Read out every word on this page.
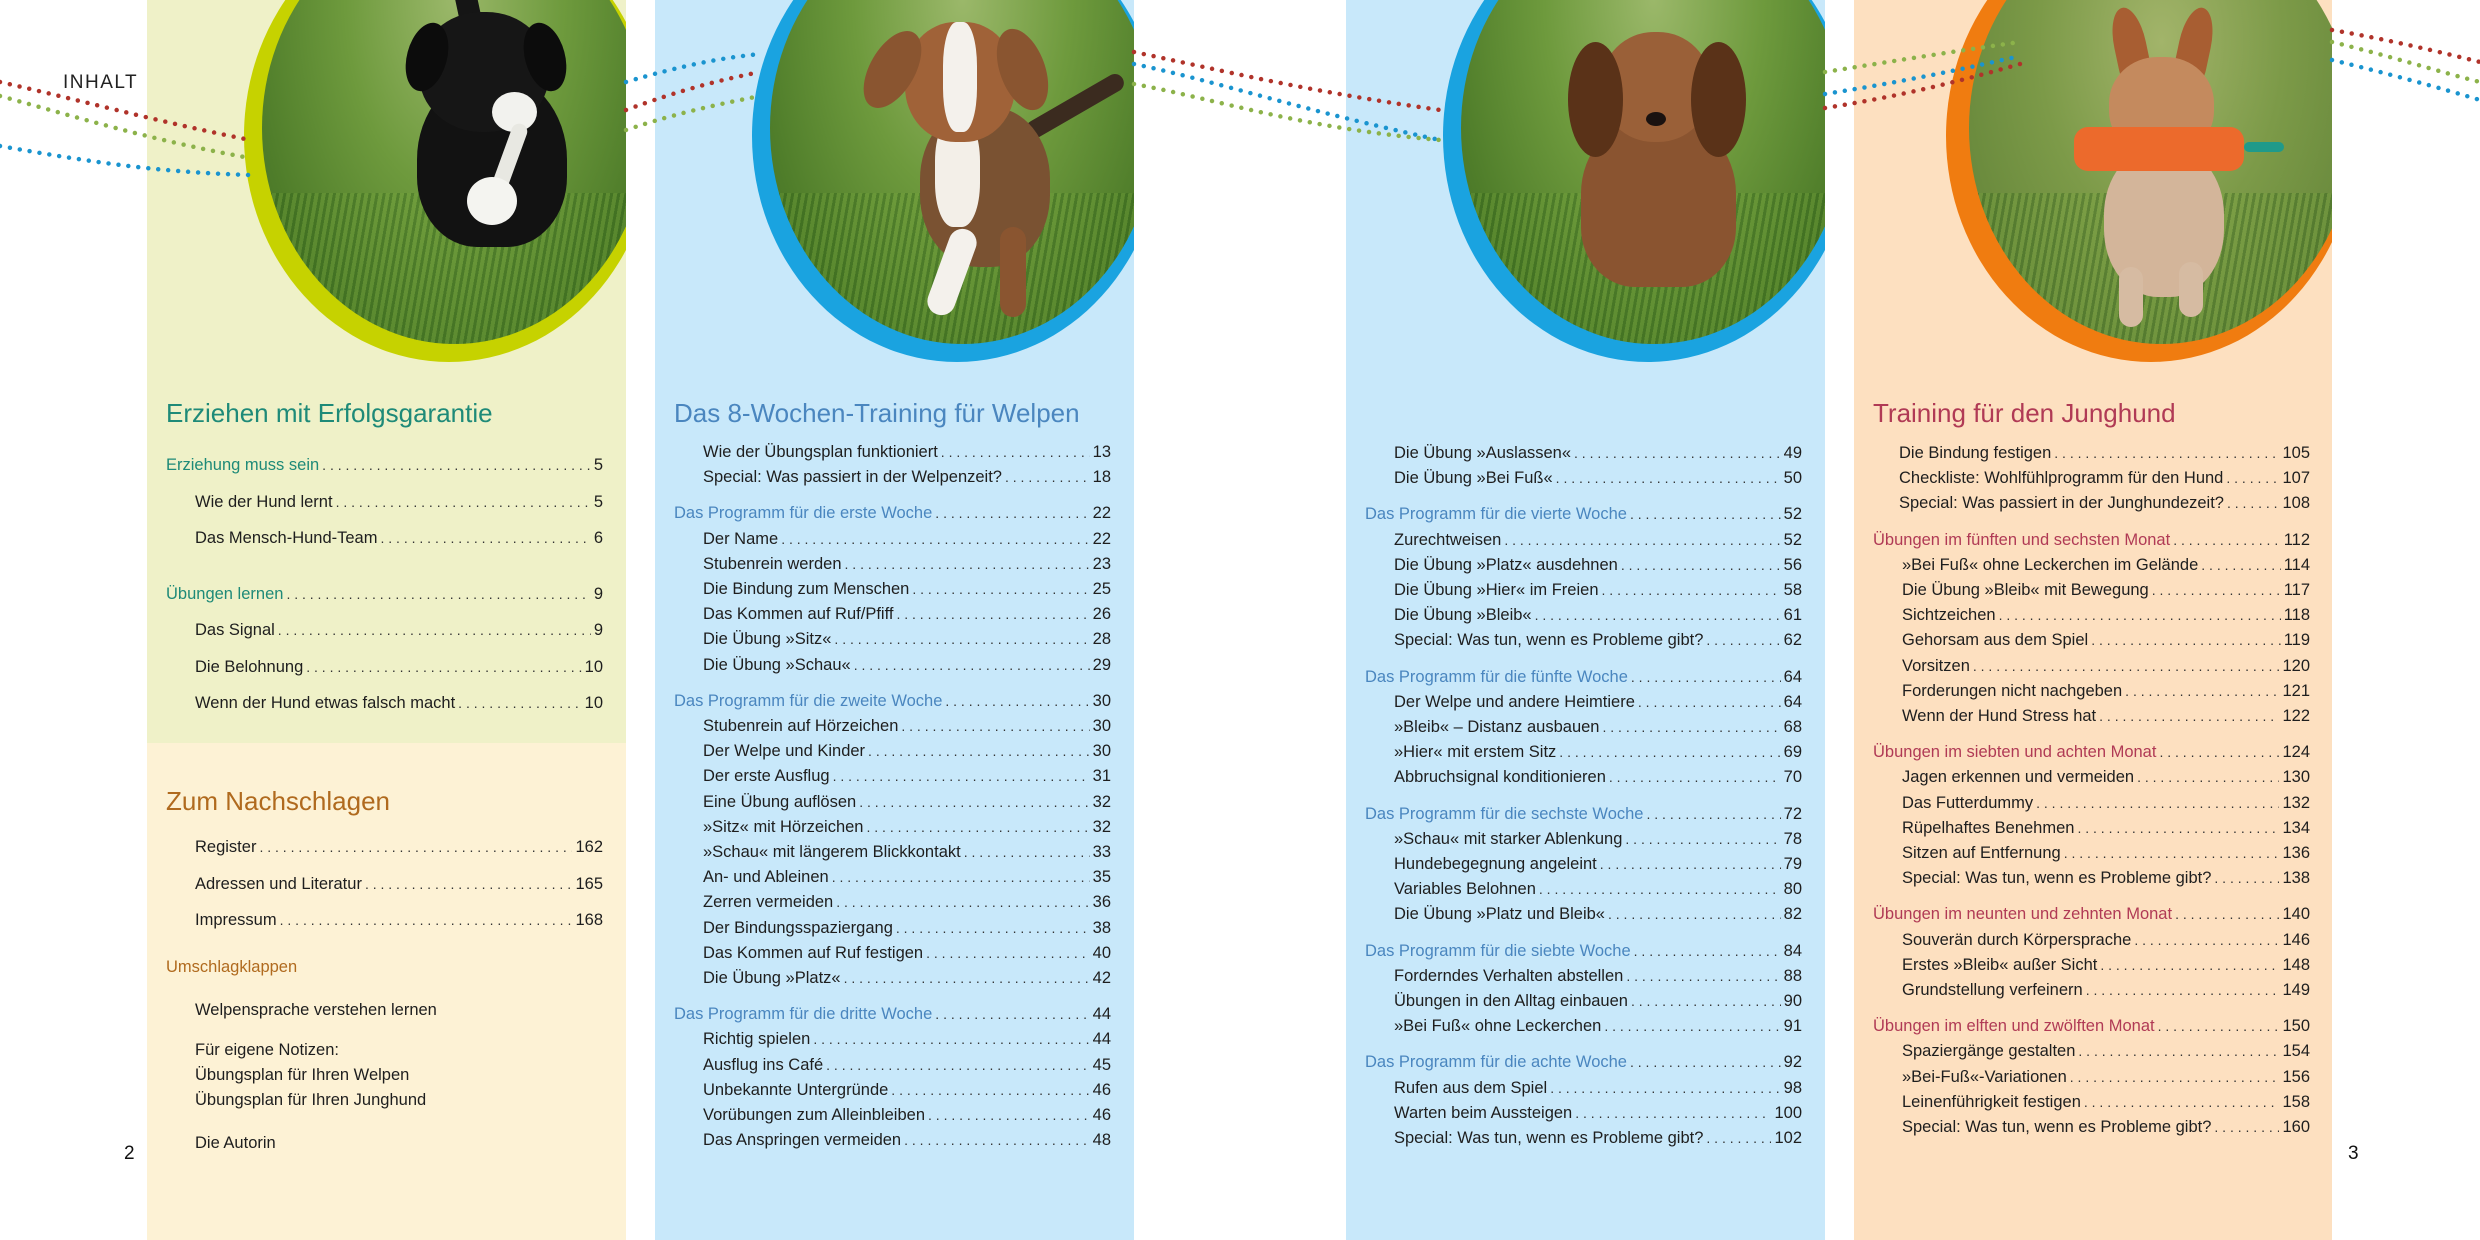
Erziehen mit Erfolgsgarantie
Erziehung muss sein . . .	5
Wie der Hund lernt . . .	5
Das Mensch-Hund-Team . . .	6
Übungen lernen . . .	9
Das Signal . . .	9
Die Belohnung . . .	10
Wenn der Hund etwas falsch macht . . .	10
Zum Nachschlagen
Register . . .	162
Adressen und Literatur . . .	165
Impressum . . .	168
Umschlagklappen
Welpensprache verstehen lernen
Für eigene Notizen:
Übungsplan für Ihren Welpen
Übungsplan für Ihren Junghund
Die Autorin
Das 8-Wochen-Training für Welpen
Wie der Übungsplan funktioniert . . .	13
Special: Was passiert in der Welpenzeit? . . .	18
Das Programm für die erste Woche . . .	22
Der Name . . .	22
Stubenrein werden . . .	23
Die Bindung zum Menschen . . .	25
Das Kommen auf Ruf/Pfiff . . .	26
Die Übung »Sitz« . . .	28
Die Übung »Schau« . . .	29
Das Programm für die zweite Woche . . .	30
Stubenrein auf Hörzeichen . . .	30
Der Welpe und Kinder . . .	30
Der erste Ausflug . . .	31
Eine Übung auflösen . . .	32
»Sitz« mit Hörzeichen . . .	32
»Schau« mit längerem Blickkontakt . . .	33
An- und Ableinen . . .	35
Zerren vermeiden . . .	36
Der Bindungsspaziergang . . .	38
Das Kommen auf Ruf festigen . . .	40
Die Übung »Platz« . . .	42
Das Programm für die dritte Woche . . .	44
Richtig spielen . . .	44
Ausflug ins Café . . .	45
Unbekannte Untergründe . . .	46
Vorübungen zum Alleinbleiben . . .	46
Das Anspringen vermeiden . . .	48
Die Übung »Auslassen« . . .	49
Die Übung »Bei Fuß« . . .	50
Das Programm für die vierte Woche . . .	52
Zurechtweisen . . .	52
Die Übung »Platz« ausdehnen . . .	56
Die Übung »Hier« im Freien . . .	58
Die Übung »Bleib« . . .	61
Special: Was tun, wenn es Probleme gibt? . . .	62
Das Programm für die fünfte Woche . . .	64
Der Welpe und andere Heimtiere . . .	64
»Bleib« – Distanz ausbauen . . .	68
»Hier« mit erstem Sitz . . .	69
Abbruchsignal konditionieren . . .	70
Das Programm für die sechste Woche . . .	72
»Schau« mit starker Ablenkung . . .	78
Hundebegegnung angeleint . . .	79
Variables Belohnen . . .	80
Die Übung »Platz und Bleib« . . .	82
Das Programm für die siebte Woche . . .	84
Forderndes Verhalten abstellen . . .	88
Übungen in den Alltag einbauen . . .	90
»Bei Fuß« ohne Leckerchen . . .	91
Das Programm für die achte Woche . . .	92
Rufen aus dem Spiel . . .	98
Warten beim Aussteigen . . .	100
Special: Was tun, wenn es Probleme gibt? . . .	102
Training für den Junghund
Die Bindung festigen . . .	105
Checkliste: Wohlfühlprogramm für den Hund . . .	107
Special: Was passiert in der Junghundezeit? . . .	108
Übungen im fünften und sechsten Monat . . .	112
»Bei Fuß« ohne Leckerchen im Gelände . . .	114
Die Übung »Bleib« mit Bewegung . . .	117
Sichtzeichen . . .	118
Gehorsam aus dem Spiel . . .	119
Vorsitzen . . .	120
Forderungen nicht nachgeben . . .	121
Wenn der Hund Stress hat . . .	122
Übungen im siebten und achten Monat . . .	124
Jagen erkennen und vermeiden . . .	130
Das Futterdummy . . .	132
Rüpelhaftes Benehmen . . .	134
Sitzen auf Entfernung . . .	136
Special: Was tun, wenn es Probleme gibt? . . .	138
Übungen im neunten und zehnten Monat . . .	140
Souverän durch Körpersprache . . .	146
Erstes »Bleib« außer Sicht . . .	148
Grundstellung verfeinern . . .	149
Übungen im elften und zwölften Monat . . .	150
Spaziergänge gestalten . . .	154
»Bei-Fuß«-Variationen . . .	156
Leinenführigkeit festigen . . .	158
Special: Was tun, wenn es Probleme gibt? . . .	160
INHALT
2	3
